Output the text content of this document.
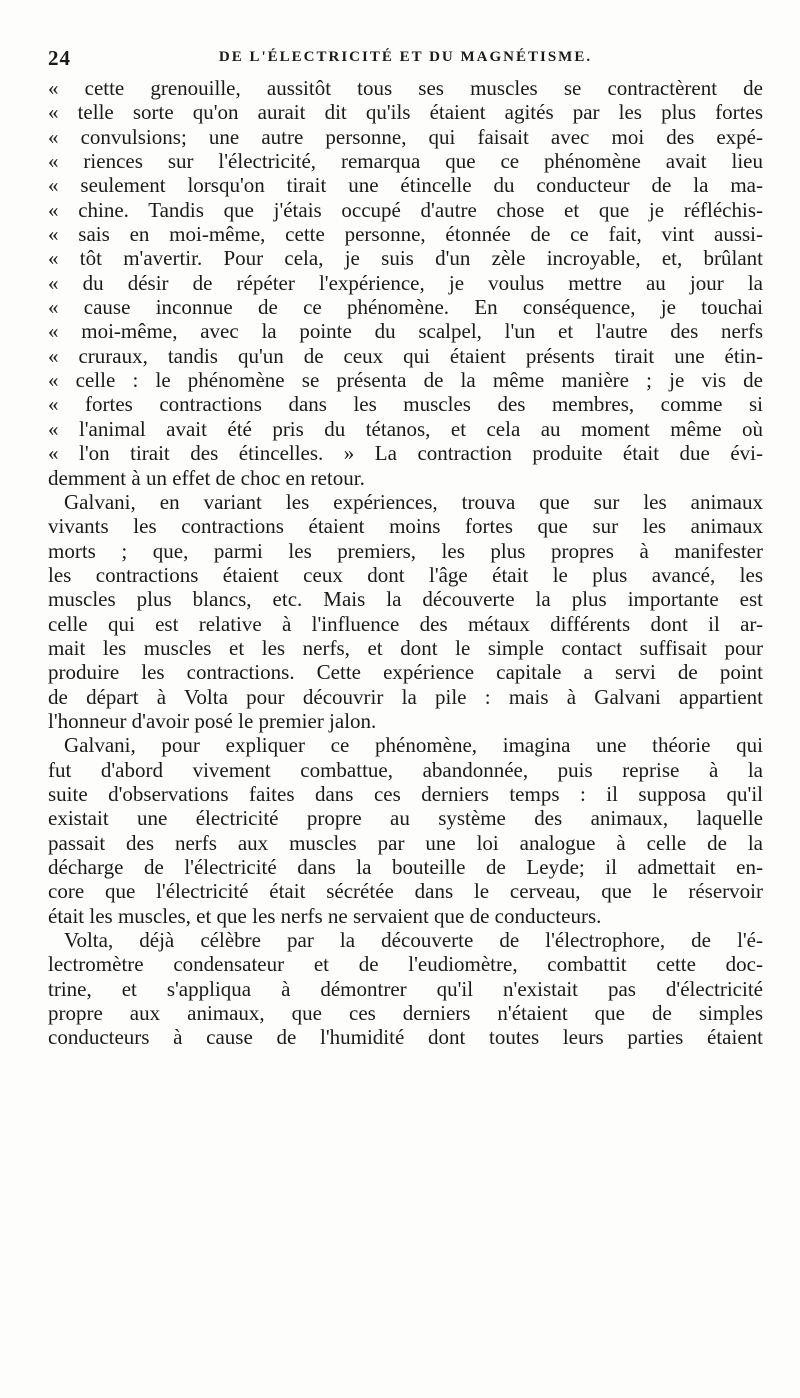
24	DE L'ÉLECTRICITÉ ET DU MAGNÉTISME.
« cette grenouille, aussitôt tous ses muscles se contractèrent de
« telle sorte qu'on aurait dit qu'ils étaient agités par les plus fortes
« convulsions; une autre personne, qui faisait avec moi des expé-
« riences sur l'électricité, remarqua que ce phénomène avait lieu
« seulement lorsqu'on tirait une étincelle du conducteur de la ma-
« chine. Tandis que j'étais occupé d'autre chose et que je réfléchis-
« sais en moi-même, cette personne, étonnée de ce fait, vint aussi-
« tôt m'avertir. Pour cela, je suis d'un zèle incroyable, et, brûlant
« du désir de répéter l'expérience, je voulus mettre au jour la
« cause inconnue de ce phénomène. En conséquence, je touchai
« moi-même, avec la pointe du scalpel, l'un et l'autre des nerfs
« cruraux, tandis qu'un de ceux qui étaient présents tirait une étin-
« celle : le phénomène se présenta de la même manière ; je vis de
« fortes contractions dans les muscles des membres, comme si
« l'animal avait été pris du tétanos, et cela au moment même où
« l'on tirait des étincelles. » La contraction produite était due évi-
demment à un effet de choc en retour.
Galvani, en variant les expériences, trouva que sur les animaux
vivants les contractions étaient moins fortes que sur les animaux
morts ; que, parmi les premiers, les plus propres à manifester
les contractions étaient ceux dont l'âge était le plus avancé, les
muscles plus blancs, etc. Mais la découverte la plus importante est
celle qui est relative à l'influence des métaux différents dont il ar-
mait les muscles et les nerfs, et dont le simple contact suffisait pour
produire les contractions. Cette expérience capitale a servi de point
de départ à Volta pour découvrir la pile : mais à Galvani appartient
l'honneur d'avoir posé le premier jalon.
Galvani, pour expliquer ce phénomène, imagina une théorie qui
fut d'abord vivement combattue, abandonnée, puis reprise à la
suite d'observations faites dans ces derniers temps : il supposa qu'il
existait une électricité propre au système des animaux, laquelle
passait des nerfs aux muscles par une loi analogue à celle de la
décharge de l'électricité dans la bouteille de Leyde; il admettait en-
core que l'électricité était sécrétée dans le cerveau, que le réservoir
était les muscles, et que les nerfs ne servaient que de conducteurs.
Volta, déjà célèbre par la découverte de l'électrophore, de l'é-
lectromètre condensateur et de l'eudiomètre, combattit cette doc-
trine, et s'appliqua à démontrer qu'il n'existait pas d'électricité
propre aux animaux, que ces derniers n'étaient que de simples
conducteurs à cause de l'humidité dont toutes leurs parties étaient
